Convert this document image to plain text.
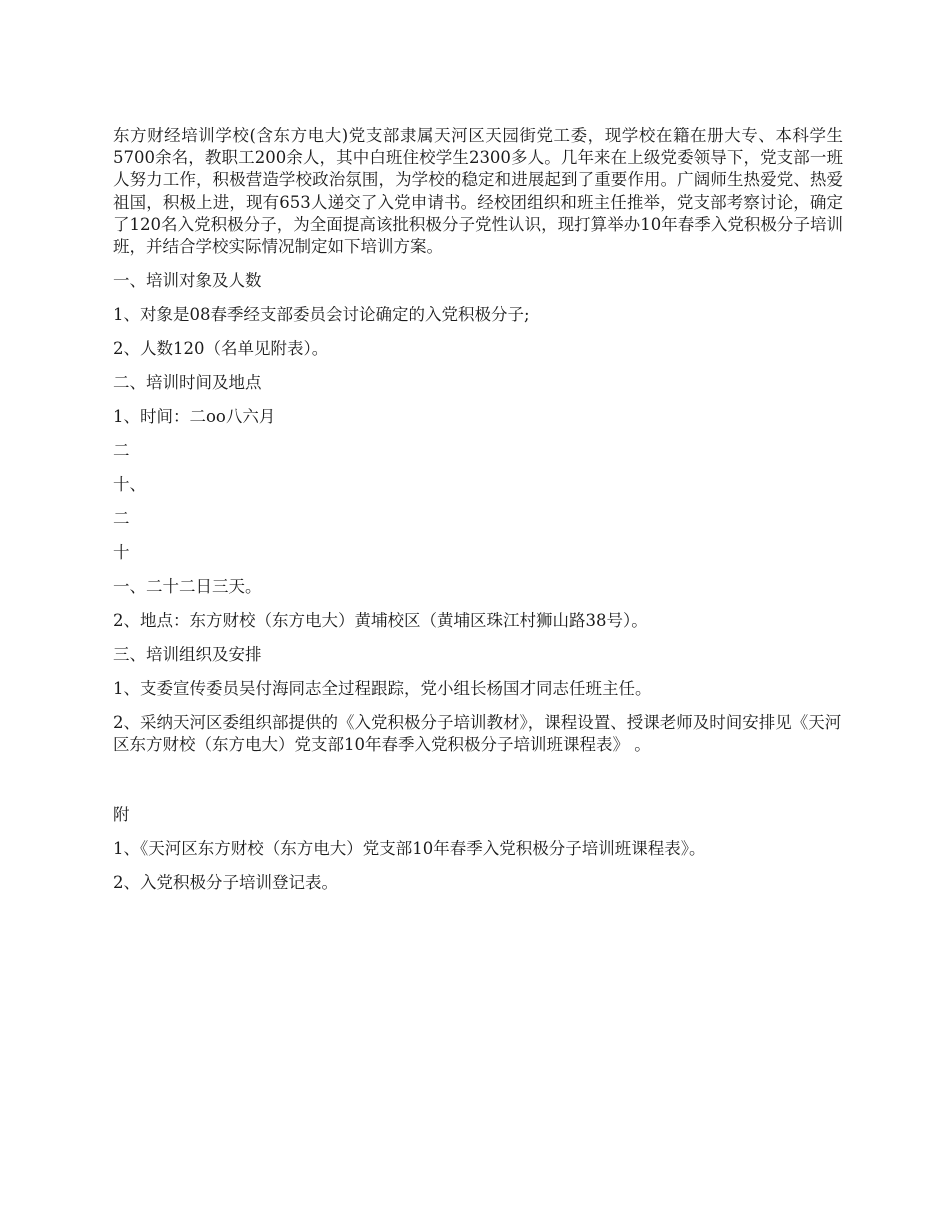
东方财经培训学校(含东方电大)党支部隶属天河区天园街党工委，现学校在籍在册大专、本科学生5700余名，教职工200余人，其中白班住校学生2300多人。几年来在上级党委领导下，党支部一班人努力工作，积极营造学校政治氛围，为学校的稳定和进展起到了重要作用。广阔师生热爱党、热爱祖国，积极上进，现有653人递交了入党申请书。经校团组织和班主任推举，党支部考察讨论，确定了120名入党积极分子，为全面提高该批积极分子党性认识，现打算举办10年春季入党积极分子培训班，并结合学校实际情况制定如下培训方案。

一、培训对象及人数

1、对象是08春季经支部委员会讨论确定的入党积极分子;

2、人数120（名单见附表）。

二、培训时间及地点

1、时间：二oo八六月

二

十、

二

十

一、二十二日三天。

2、地点：东方财校（东方电大）黄埔校区（黄埔区珠江村狮山路38号）。

三、培训组织及安排

1、支委宣传委员吴付海同志全过程跟踪，党小组长杨国才同志任班主任。

2、采纳天河区委组织部提供的《入党积极分子培训教材》，课程设置、授课老师及时间安排见《天河区东方财校（东方电大）党支部10年春季入党积极分子培训班课程表》 。

附

1、《天河区东方财校（东方电大）党支部10年春季入党积极分子培训班课程表》。

2、入党积极分子培训登记表。
